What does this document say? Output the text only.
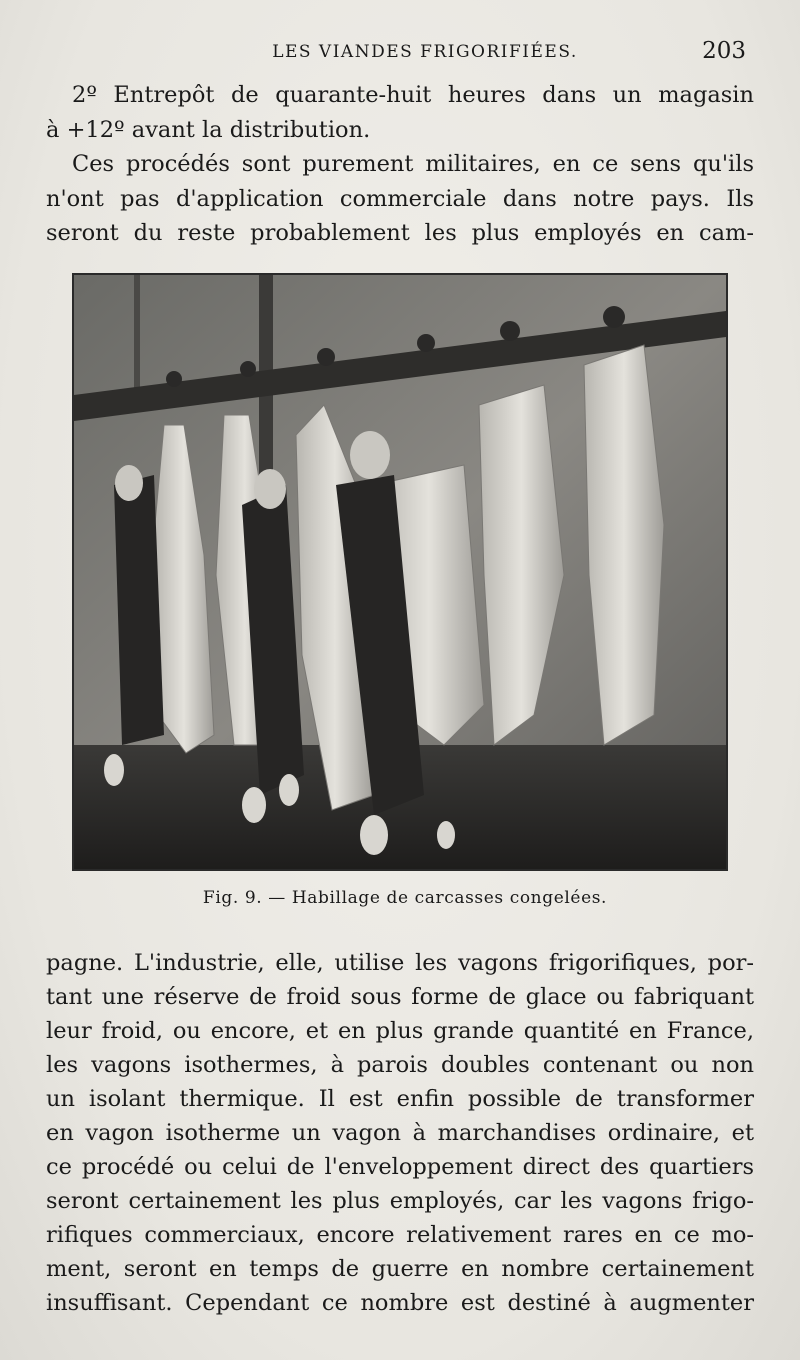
LES VIANDES FRIGORIFIÉES.	203
2º Entrepôt de quarante-huit heures dans un magasin
à +12º avant la distribution.
Ces procédés sont purement militaires, en ce sens qu'ils
n'ont pas d'application commerciale dans notre pays. Ils
seront du reste probablement les plus employés en cam-
Fig. 9. — Habillage de carcasses congelées.
pagne. L'industrie, elle, utilise les vagons frigorifiques, por-
tant une réserve de froid sous forme de glace ou fabriquant
leur froid, ou encore, et en plus grande quantité en France,
les vagons isothermes, à parois doubles contenant ou non
un isolant thermique. Il est enfin possible de transformer
en vagon isotherme un vagon à marchandises ordinaire, et
ce procédé ou celui de l'enveloppement direct des quartiers
seront certainement les plus employés, car les vagons frigo-
rifiques commerciaux, encore relativement rares en ce mo-
ment, seront en temps de guerre en nombre certainement
insuffisant. Cependant ce nombre est destiné à augmenter
